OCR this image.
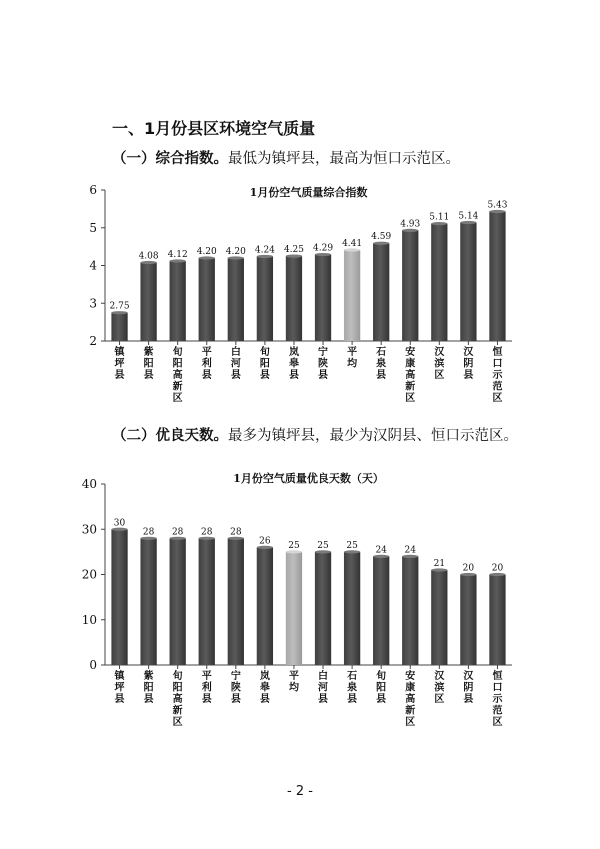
一、1月份县区环境空气质量
（一）综合指数。最低为镇坪县，最高为恒口示范区。
1月份空气质量综合指数
2
3
4
5
6
2.75
镇坪县
4.08
紫阳县
4.12
旬阳高新区
4.20
平利县
4.20
白河县
4.24
旬阳县
4.25
岚皋县
4.29
宁陕县
4.41
平均
4.59
石泉县
4.93
安康高新区
5.11
汉滨区
5.14
汉阴县
5.43
恒口示范区
（二）优良天数。最多为镇坪县，最少为汉阴县、恒口示范区。
1月份空气质量优良天数（天）
0
10
20
30
40
30
镇坪县
28
紫阳县
28
旬阳高新区
28
平利县
28
宁陕县
26
岚皋县
25
平均
25
白河县
25
石泉县
24
旬阳县
24
安康高新区
21
汉滨区
20
汉阴县
20
恒口示范区
- 2 -
